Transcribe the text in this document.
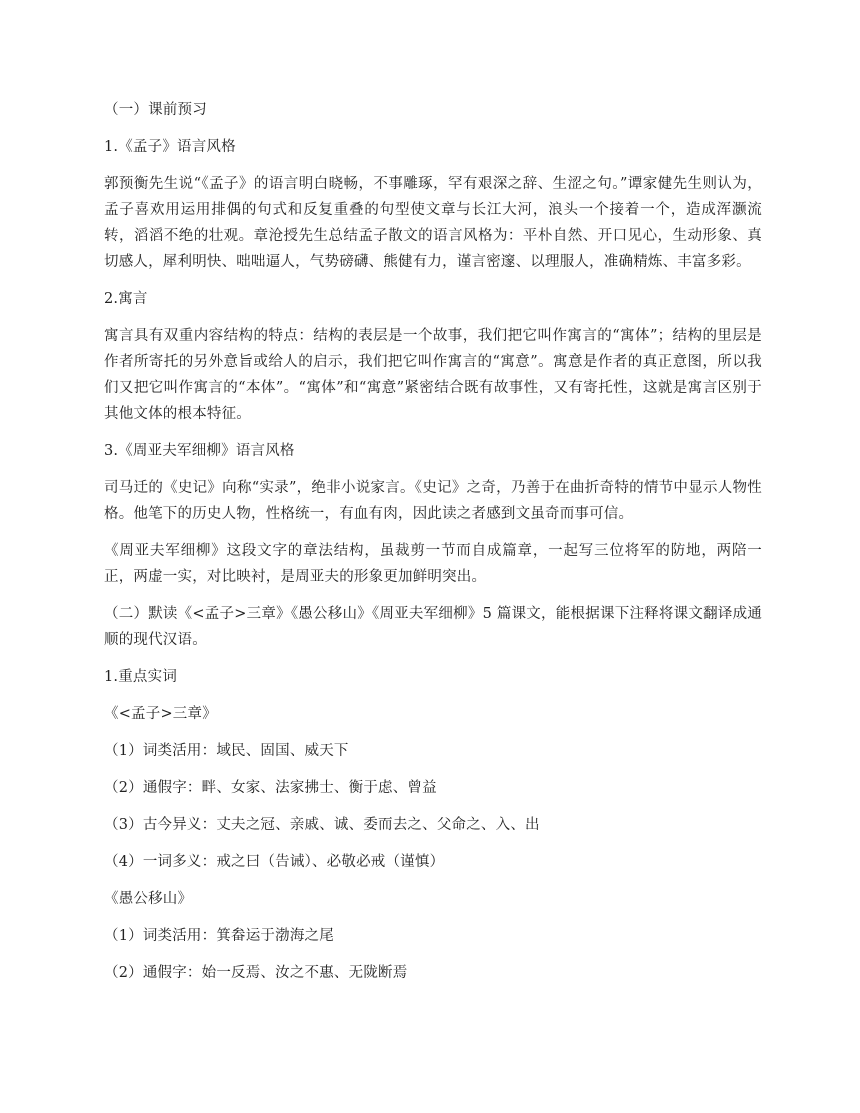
（一）课前预习

1.《孟子》语言风格

郭预衡先生说“《孟子》的语言明白晓畅，不事雕琢，罕有艰深之辞、生涩之句。”谭家健先生则认为，孟子喜欢用运用排偶的句式和反复重叠的句型使文章与长江大河，浪头一个接着一个，造成浑灏流转，滔滔不绝的壮观。章沧授先生总结孟子散文的语言风格为：平朴自然、开口见心，生动形象、真切感人，犀利明快、咄咄逼人，气势磅礴、熊健有力，谨言密邃、以理服人，准确精炼、丰富多彩。

2.寓言

寓言具有双重内容结构的特点：结构的表层是一个故事，我们把它叫作寓言的“寓体”；结构的里层是作者所寄托的另外意旨或给人的启示，我们把它叫作寓言的“寓意”。寓意是作者的真正意图，所以我们又把它叫作寓言的“本体”。“寓体”和“寓意”紧密结合既有故事性，又有寄托性，这就是寓言区别于其他文体的根本特征。

3.《周亚夫军细柳》语言风格

司马迁的《史记》向称“实录”，绝非小说家言。《史记》之奇，乃善于在曲折奇特的情节中显示人物性格。他笔下的历史人物，性格统一，有血有肉，因此读之者感到文虽奇而事可信。

《周亚夫军细柳》这段文字的章法结构，虽裁剪一节而自成篇章，一起写三位将军的防地，两陪一正，两虚一实，对比映衬，是周亚夫的形象更加鲜明突出。

（二）默读《<孟子>三章》《愚公移山》《周亚夫军细柳》5 篇课文，能根据课下注释将课文翻译成通顺的现代汉语。

1.重点实词

《<孟子>三章》

（1）词类活用：域民、固国、威天下

（2）通假字：畔、女家、法家拂士、衡于虑、曾益

（3）古今异义：丈夫之冠、亲戚、诚、委而去之、父命之、入、出

（4）一词多义：戒之曰（告诫）、必敬必戒（谨慎）

《愚公移山》

（1）词类活用：箕畚运于渤海之尾

（2）通假字：始一反焉、汝之不惠、无陇断焉
